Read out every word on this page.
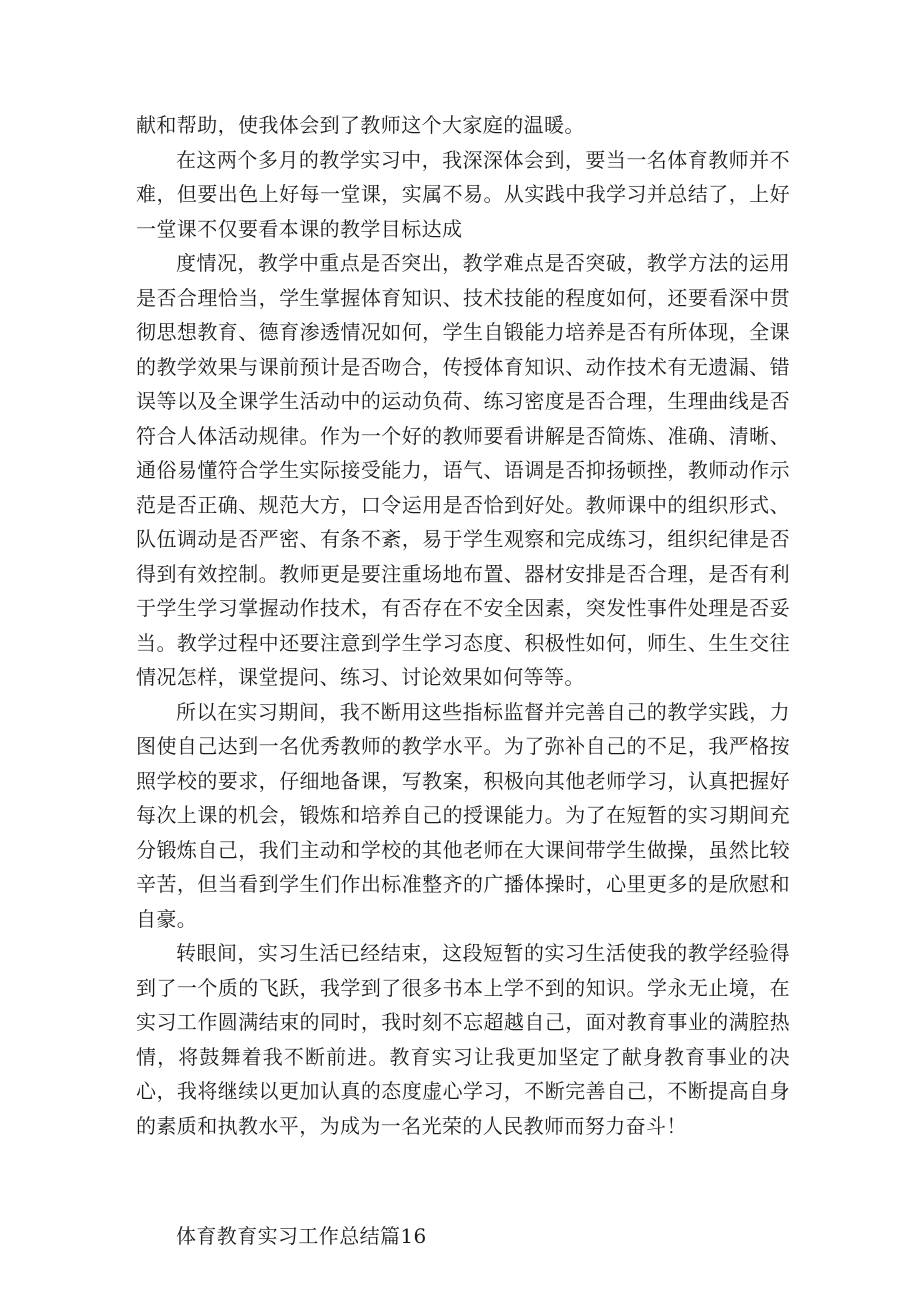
献和帮助，使我体会到了教师这个大家庭的温暖。

在这两个多月的教学实习中，我深深体会到，要当一名体育教师并不难，但要出色上好每一堂课，实属不易。从实践中我学习并总结了，上好一堂课不仅要看本课的教学目标达成

度情况，教学中重点是否突出，教学难点是否突破，教学方法的运用是否合理恰当，学生掌握体育知识、技术技能的程度如何，还要看深中贯彻思想教育、德育渗透情况如何，学生自锻能力培养是否有所体现，全课的教学效果与课前预计是否吻合，传授体育知识、动作技术有无遗漏、错误等以及全课学生活动中的运动负荷、练习密度是否合理，生理曲线是否符合人体活动规律。作为一个好的教师要看讲解是否简炼、准确、清晰、通俗易懂符合学生实际接受能力，语气、语调是否抑扬顿挫，教师动作示范是否正确、规范大方，口令运用是否恰到好处。教师课中的组织形式、队伍调动是否严密、有条不紊，易于学生观察和完成练习，组织纪律是否得到有效控制。教师更是要注重场地布置、器材安排是否合理，是否有利于学生学习掌握动作技术，有否存在不安全因素，突发性事件处理是否妥当。教学过程中还要注意到学生学习态度、积极性如何，师生、生生交往情况怎样，课堂提问、练习、讨论效果如何等等。

所以在实习期间，我不断用这些指标监督并完善自己的教学实践，力图使自己达到一名优秀教师的教学水平。为了弥补自己的不足，我严格按照学校的要求，仔细地备课，写教案，积极向其他老师学习，认真把握好每次上课的机会，锻炼和培养自己的授课能力。为了在短暂的实习期间充分锻炼自己，我们主动和学校的其他老师在大课间带学生做操，虽然比较辛苦，但当看到学生们作出标准整齐的广播体操时，心里更多的是欣慰和自豪。

转眼间，实习生活已经结束，这段短暂的实习生活使我的教学经验得到了一个质的飞跃，我学到了很多书本上学不到的知识。学永无止境，在实习工作圆满结束的同时，我时刻不忘超越自己，面对教育事业的满腔热情，将鼓舞着我不断前进。教育实习让我更加坚定了献身教育事业的决心，我将继续以更加认真的态度虚心学习，不断完善自己，不断提高自身的素质和执教水平，为成为一名光荣的人民教师而努力奋斗！

体育教育实习工作总结篇16
